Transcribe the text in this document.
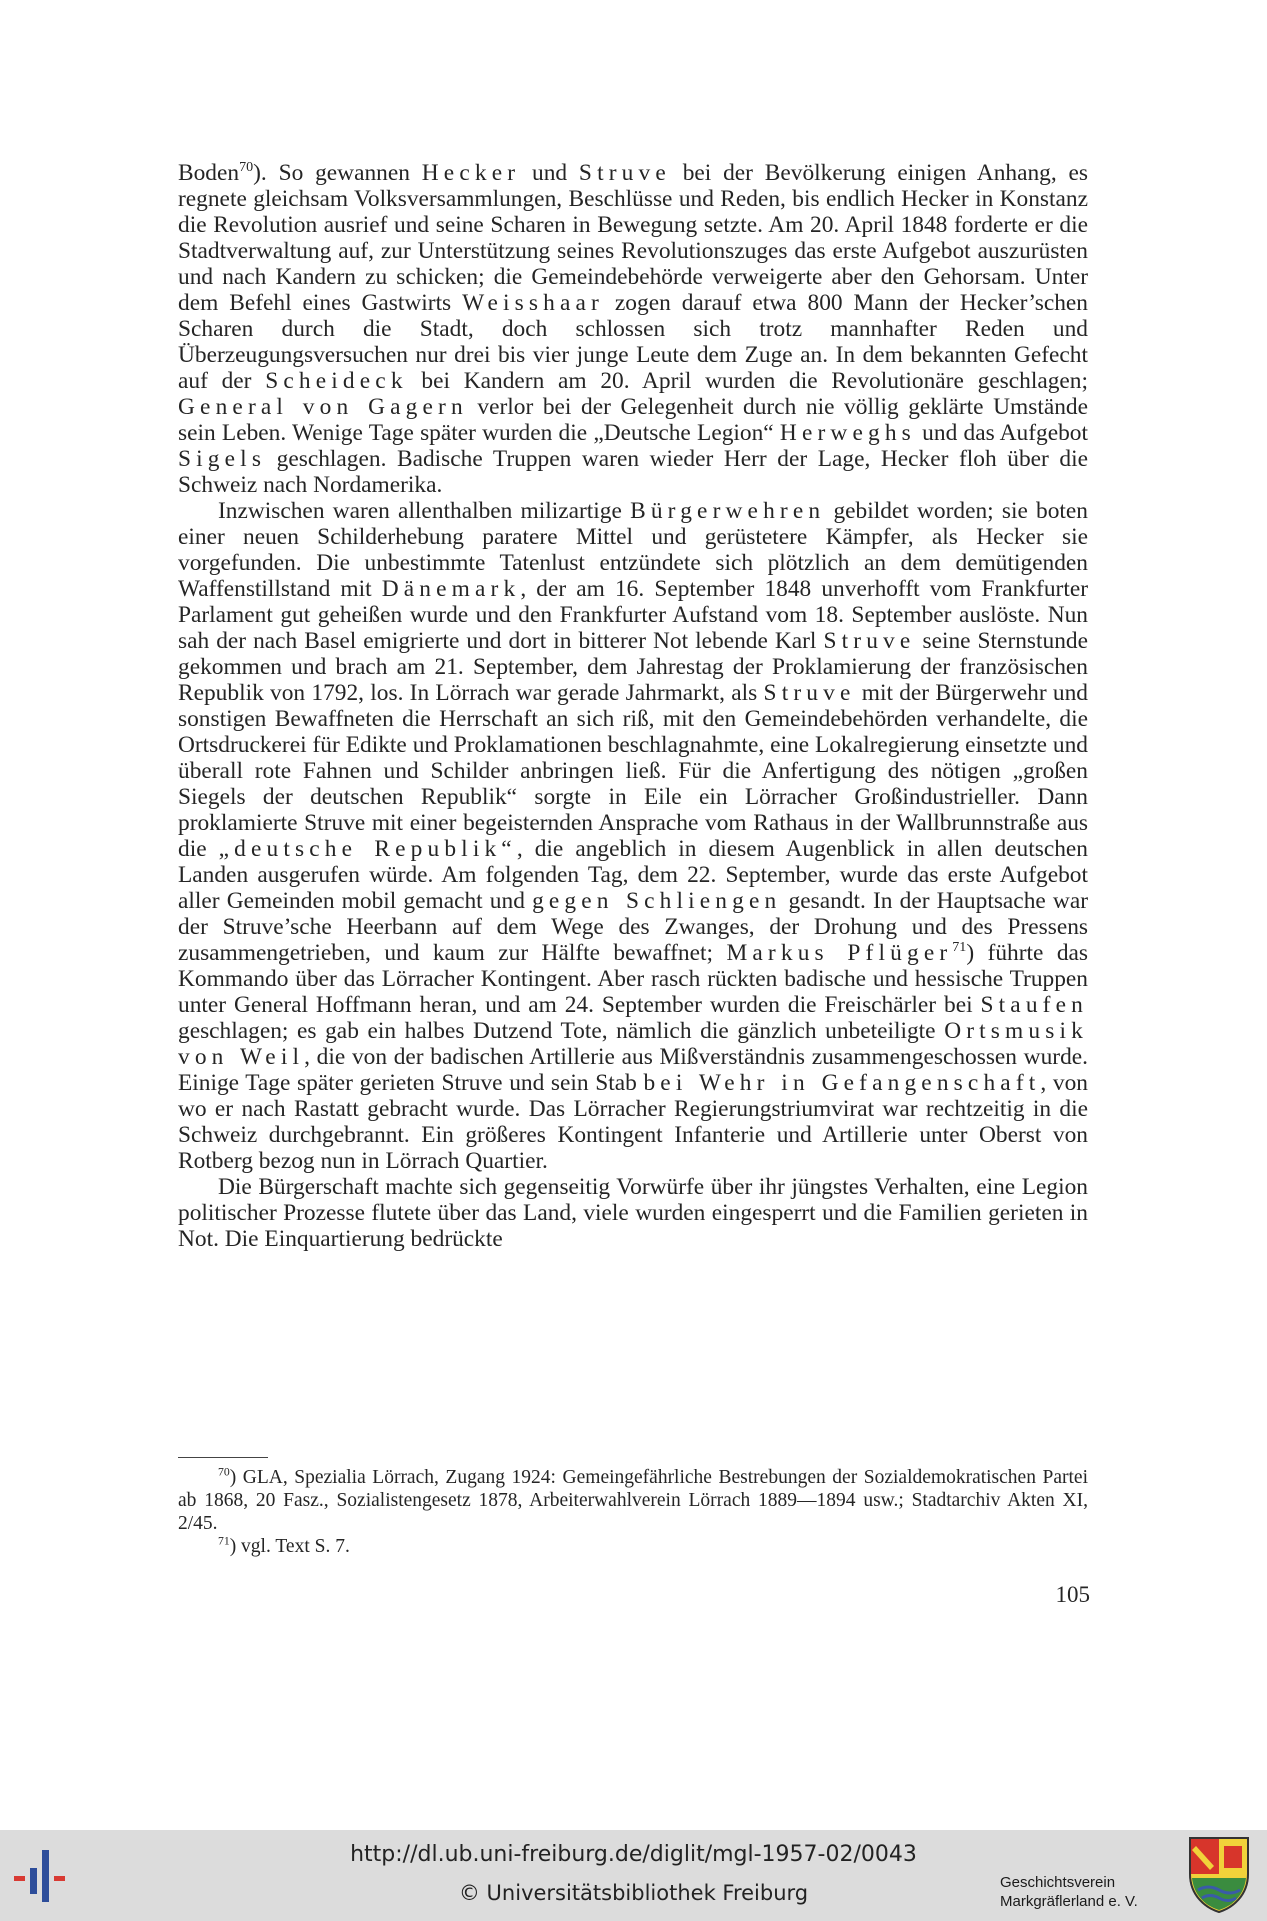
Boden$^{70}$). So gewannen Hecker und Struve bei der Bevölkerung einigen Anhang, es regnete gleichsam Volksversammlungen, Beschlüsse und Reden, bis endlich Hecker in Konstanz die Revolution ausrief und seine Scharen in Bewegung setzte. Am 20. April 1848 forderte er die Stadtverwaltung auf, zur Unterstützung seines Revolutionszuges das erste Aufgebot auszurüsten und nach Kandern zu schicken; die Gemeindebehörde verweigerte aber den Gehorsam. Unter dem Befehl eines Gastwirts Weisshaar zogen darauf etwa 800 Mann der Hecker’schen Scharen durch die Stadt, doch schlossen sich trotz mannhafter Reden und Überzeugungsversuchen nur drei bis vier junge Leute dem Zuge an. In dem bekannten Gefecht auf der Scheideck bei Kandern am 20. April wurden die Revolutionäre geschlagen; General von Gagern verlor bei der Gelegenheit durch nie völlig geklärte Umstände sein Leben. Wenige Tage später wurden die „Deutsche Legion“ Herweghs und das Aufgebot Sigels geschlagen. Badische Truppen waren wieder Herr der Lage, Hecker floh über die Schweiz nach Nordamerika.

Inzwischen waren allenthalben milizartige Bürgerwehren gebildet worden; sie boten einer neuen Schilderhebung paratere Mittel und gerüstetere Kämpfer, als Hecker sie vorgefunden. Die unbestimmte Tatenlust entzündete sich plötzlich an dem demütigenden Waffenstillstand mit Dänemark, der am 16. September 1848 unverhofft vom Frankfurter Parlament gut geheißen wurde und den Frankfurter Aufstand vom 18. September auslöste. Nun sah der nach Basel emigrierte und dort in bitterer Not lebende Karl Struve seine Sternstunde gekommen und brach am 21. September, dem Jahrestag der Proklamierung der französischen Republik von 1792, los. In Lörrach war gerade Jahrmarkt, als Struve mit der Bürgerwehr und sonstigen Bewaffneten die Herrschaft an sich riß, mit den Gemeindebehörden verhandelte, die Ortsdruckerei für Edikte und Proklamationen beschlagnahmte, eine Lokalregierung einsetzte und überall rote Fahnen und Schilder anbringen ließ. Für die Anfertigung des nötigen „großen Siegels der deutschen Republik“ sorgte in Eile ein Lörracher Großindustrieller. Dann proklamierte Struve mit einer begeisternden Ansprache vom Rathaus in der Wallbrunnstraße aus die „deutsche Republik“, die angeblich in diesem Augenblick in allen deutschen Landen ausgerufen würde. Am folgenden Tag, dem 22. September, wurde das erste Aufgebot aller Gemeinden mobil gemacht und gegen Schliengen gesandt. In der Hauptsache war der Struve’sche Heerbann auf dem Wege des Zwanges, der Drohung und des Pressens zusammengetrieben, und kaum zur Hälfte bewaffnet; Markus Pflüger$^{71}$) führte das Kommando über das Lörracher Kontingent. Aber rasch rückten badische und hessische Truppen unter General Hoffmann heran, und am 24. September wurden die Freischärler bei Staufen geschlagen; es gab ein halbes Dutzend Tote, nämlich die gänzlich unbeteiligte Ortsmusik von Weil, die von der badischen Artillerie aus Mißverständnis zusammengeschossen wurde. Einige Tage später gerieten Struve und sein Stab bei Wehr in Gefangenschaft, von wo er nach Rastatt gebracht wurde. Das Lörracher Regierungstriumvirat war rechtzeitig in die Schweiz durchgebrannt. Ein größeres Kontingent Infanterie und Artillerie unter Oberst von Rotberg bezog nun in Lörrach Quartier.

Die Bürgerschaft machte sich gegenseitig Vorwürfe über ihr jüngstes Verhalten, eine Legion politischer Prozesse flutete über das Land, viele wurden eingesperrt und die Familien gerieten in Not. Die Einquartierung bedrückte

$^{70}$) GLA, Spezialia Lörrach, Zugang 1924: Gemeingefährliche Bestrebungen der Sozialdemokratischen Partei ab 1868, 20 Fasz., Sozialistengesetz 1878, Arbeiterwahlverein Lörrach 1889—1894 usw.; Stadtarchiv Akten XI, 2/45.

$^{71}$) vgl. Text S. 7.

105
http://dl.ub.uni-freiburg.de/diglit/mgl-1957-02/0043
© Universitätsbibliothek Freiburg	Geschichtsverein
Markgräflerland e. V.
